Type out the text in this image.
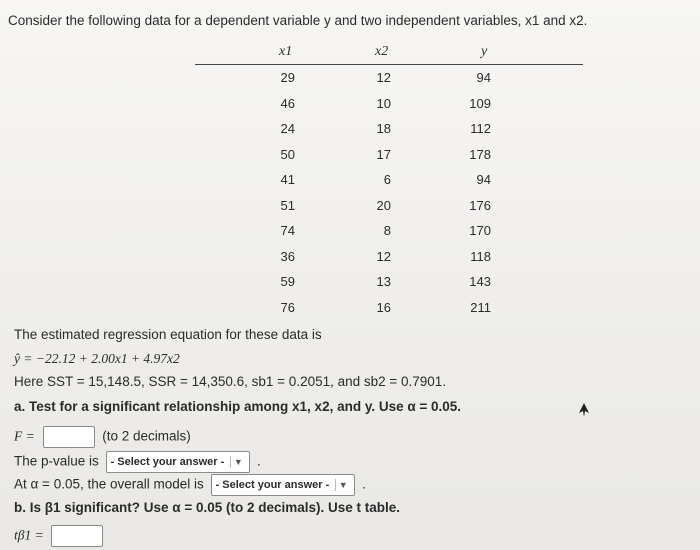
Consider the following data for a dependent variable y and two independent variables, x1 and x2.
x1	x2	y
29	12	94
46	10	109
24	18	112
50	17	178
41	6	94
51	20	176
74	8	170
36	12	118
59	13	143
76	16	211
The estimated regression equation for these data is
ŷ = −22.12 + 2.00x1 + 4.97x2
Here SST = 15,148.5, SSR = 14,350.6, sb1 = 0.2051, and sb2 = 0.7901.
a. Test for a significant relationship among x1, x2, and y. Use α = 0.05.
F =	(to 2 decimals)
The p-value is - Select your answer -	▼ .
At α = 0.05, the overall model is - Select your answer -	▼ .
b. Is β1 significant? Use α = 0.05 (to 2 decimals). Use t table.
tβ1 =
